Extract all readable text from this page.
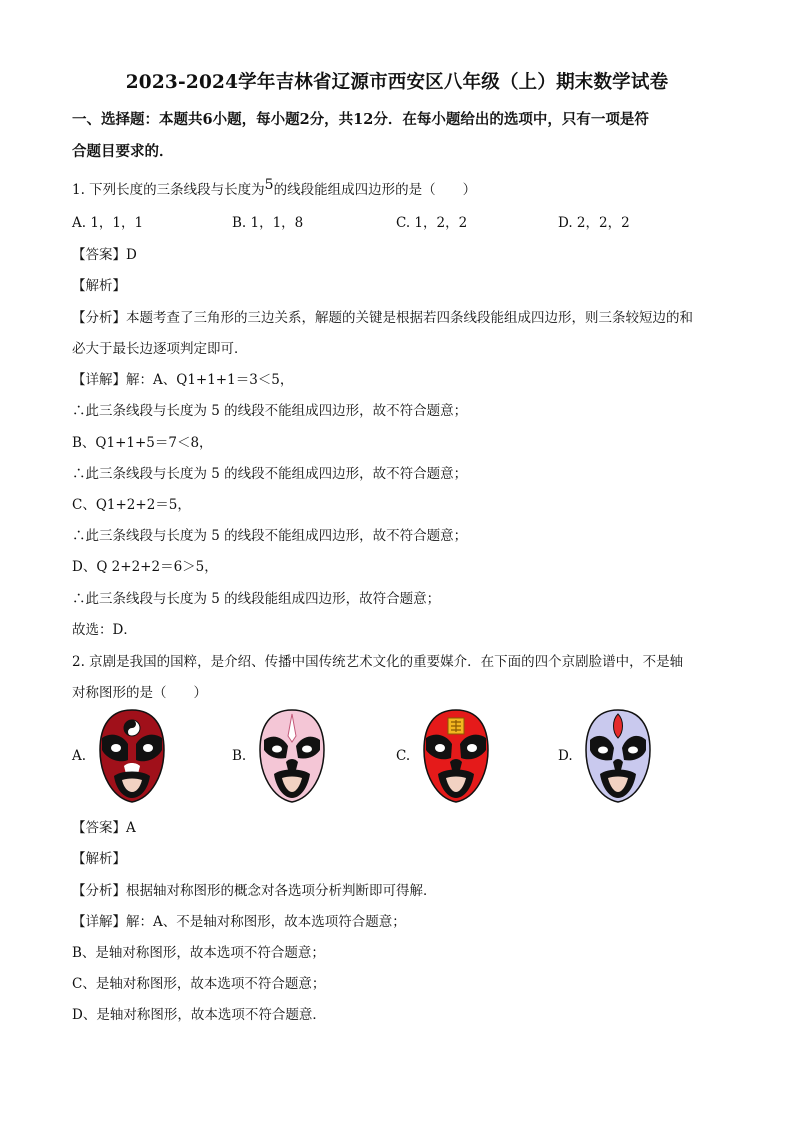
2023-2024学年吉林省辽源市西安区八年级（上）期末数学试卷
一、选择题：本题共6小题，每小题2分，共12分．在每小题给出的选项中，只有一项是符
合题目要求的．
1. 下列长度的三条线段与长度为5的线段能组成四边形的是（　　）
A. 1，1，1	B. 1，1，8	C. 1，2，2	D. 2，2，2
【答案】D
【解析】
【分析】本题考查了三角形的三边关系，解题的关键是根据若四条线段能组成四边形，则三条较短边的和
必大于最长边逐项判定即可．
【详解】解：A、Q1+1+1＝3＜5，
∴此三条线段与长度为 5 的线段不能组成四边形，故不符合题意；
B、Q1+1+5＝7＜8，
∴此三条线段与长度为 5 的线段不能组成四边形，故不符合题意；
C、Q1+2+2＝5，
∴此三条线段与长度为 5 的线段不能组成四边形，故不符合题意；
D、Q 2+2+2＝6＞5，
∴此三条线段与长度为 5 的线段能组成四边形，故符合题意；
故选：D．
2. 京剧是我国的国粹，是介绍、传播中国传统艺术文化的重要媒介．在下面的四个京剧脸谱中，不是轴
对称图形的是（　　）
A.	B.	C.	D.
【答案】A
【解析】
【分析】根据轴对称图形的概念对各选项分析判断即可得解．
【详解】解：A、不是轴对称图形，故本选项符合题意；
B、是轴对称图形，故本选项不符合题意；
C、是轴对称图形，故本选项不符合题意；
D、是轴对称图形，故本选项不符合题意．
